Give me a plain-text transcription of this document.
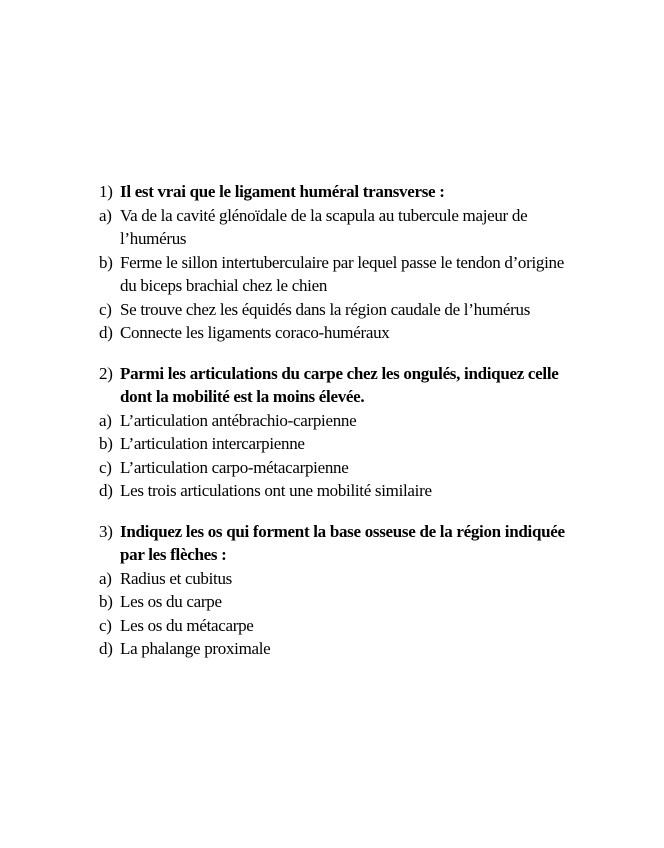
1) Il est vrai que le ligament huméral transverse :
a) Va de la cavité glénoïdale de la scapula au tubercule majeur de l’humérus
b) Ferme le sillon intertuberculaire par lequel passe le tendon d’origine du biceps brachial chez le chien
c) Se trouve chez les équidés dans la région caudale de l’humérus
d) Connecte les ligaments coraco-huméraux
2) Parmi les articulations du carpe chez les ongulés, indiquez celle dont la mobilité est la moins élevée.
a) L’articulation antébrachio-carpienne
b) L’articulation intercarpienne
c) L’articulation carpo-métacarpienne
d) Les trois articulations ont une mobilité similaire
3) Indiquez les os qui forment la base osseuse de la région indiquée par les flèches :
a) Radius et cubitus
b) Les os du carpe
c) Les os du métacarpe
d) La phalange proximale
